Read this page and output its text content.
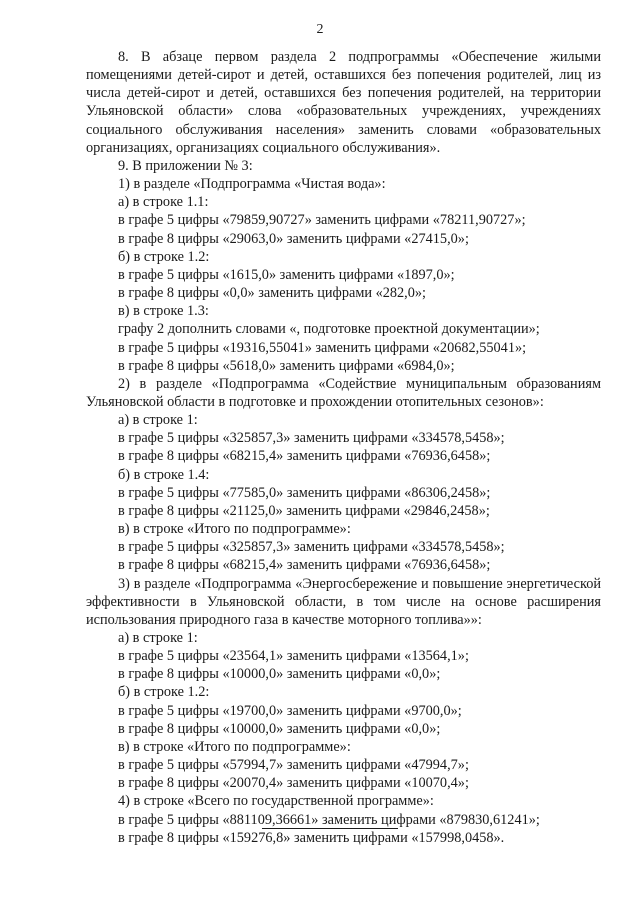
2

8. В абзаце первом раздела 2 подпрограммы «Обеспечение жилыми помещениями детей-сирот и детей, оставшихся без попечения родителей, лиц из числа детей-сирот и детей, оставшихся без попечения родителей, на территории Ульяновской области» слова «образовательных учреждениях, учреждениях социального обслуживания населения» заменить словами «образовательных организациях, организациях социального обслуживания».

9. В приложении № 3:

1) в разделе «Подпрограмма «Чистая вода»:

а) в строке 1.1:

в графе 5 цифры «79859,90727» заменить цифрами «78211,90727»;

в графе 8 цифры «29063,0» заменить цифрами «27415,0»;

б) в строке 1.2:

в графе 5 цифры «1615,0» заменить цифрами «1897,0»;

в графе 8 цифры «0,0» заменить цифрами «282,0»;

в) в строке 1.3:

графу 2 дополнить словами «, подготовке проектной документации»;

в графе 5 цифры «19316,55041» заменить цифрами «20682,55041»;

в графе 8 цифры «5618,0» заменить цифрами «6984,0»;

2) в разделе «Подпрограмма «Содействие муниципальным образованиям Ульяновской области в подготовке и прохождении отопительных сезонов»:

а) в строке 1:

в графе 5 цифры «325857,3» заменить цифрами «334578,5458»;

в графе 8 цифры «68215,4» заменить цифрами «76936,6458»;

б) в строке 1.4:

в графе 5 цифры «77585,0» заменить цифрами «86306,2458»;

в графе 8 цифры «21125,0» заменить цифрами «29846,2458»;

в) в строке «Итого по подпрограмме»:

в графе 5 цифры «325857,3» заменить цифрами «334578,5458»;

в графе 8 цифры «68215,4» заменить цифрами «76936,6458»;

3) в разделе «Подпрограмма «Энергосбережение и повышение энергетической эффективности в Ульяновской области, в том числе на основе расширения использования природного газа в качестве моторного топлива»»:

а) в строке 1:

в графе 5 цифры «23564,1» заменить цифрами «13564,1»;

в графе 8 цифры «10000,0» заменить цифрами «0,0»;

б) в строке 1.2:

в графе 5 цифры «19700,0» заменить цифрами «9700,0»;

в графе 8 цифры «10000,0» заменить цифрами «0,0»;

в) в строке «Итого по подпрограмме»:

в графе 5 цифры «57994,7» заменить цифрами «47994,7»;

в графе 8 цифры «20070,4» заменить цифрами «10070,4»;

4) в строке «Всего по государственной программе»:

в графе 5 цифры «881109,36661» заменить цифрами «879830,61241»;

в графе 8 цифры «159276,8» заменить цифрами «157998,0458».
